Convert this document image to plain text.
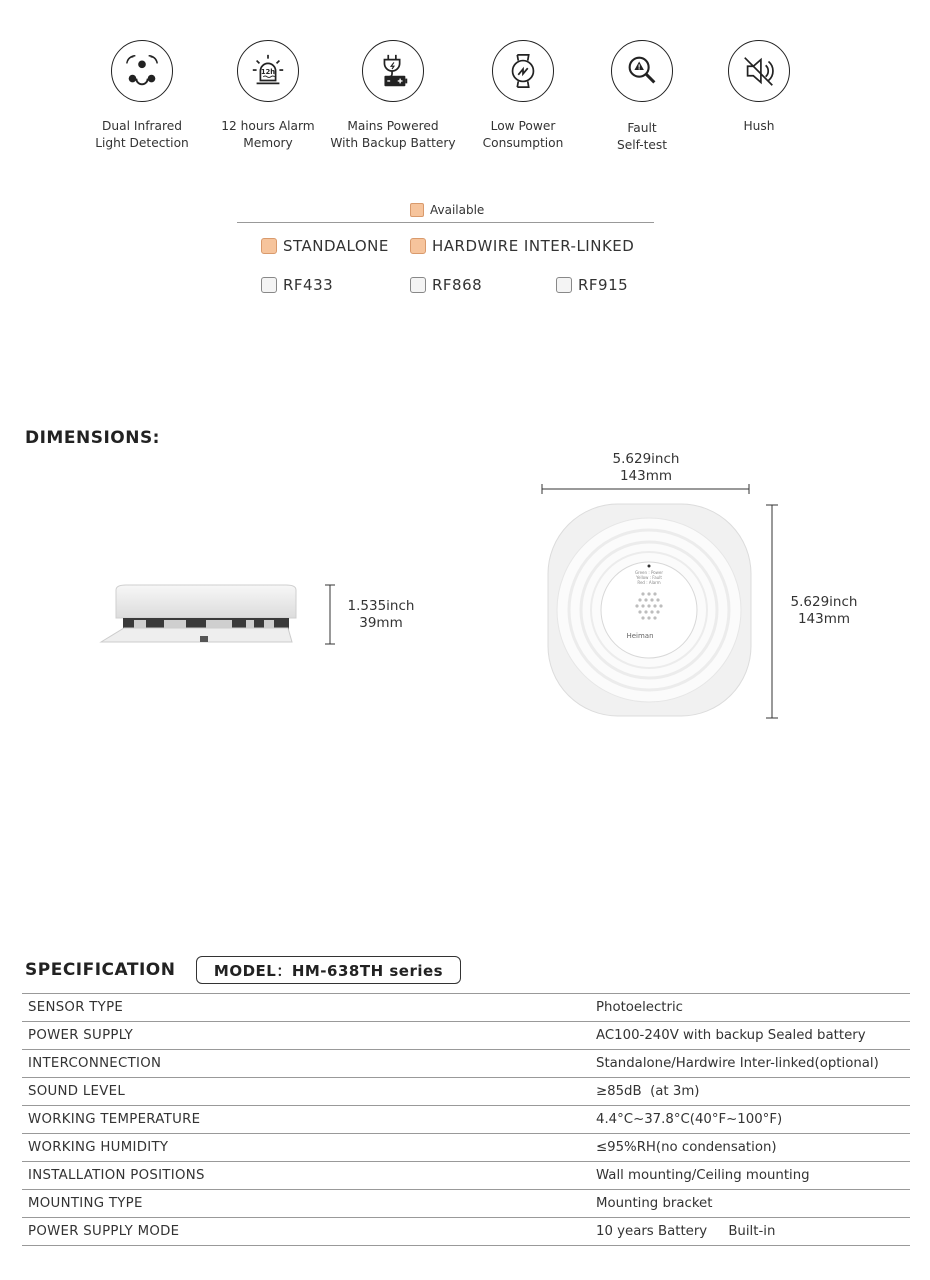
Dual Infrared
Light Detection
12h
12 hours Alarm
Memory
Mains Powered
With Backup Battery
Low Power
Consumption
Fault
Self-test
Hush
Available
STANDALONE	HARDWIRE INTER-LINKED
RF433	RF868	RF915
DIMENSIONS:
1.535inch
39mm
5.629inch
143mm
Green : Power
Yellow : Fault
Red : Alarm
Heiman
5.629inch
143mm
SPECIFICATION	MODEL：HM-638TH series
SENSOR TYPE	Photoelectric
POWER SUPPLY	AC100-240V with backup Sealed battery
INTERCONNECTION	Standalone/Hardwire Inter-linked(optional)
SOUND LEVEL	≥85dB  (at 3m)
WORKING TEMPERATURE	4.4°C~37.8°C(40°F~100°F)
WORKING HUMIDITY	≤95%RH(no condensation)
INSTALLATION POSITIONS	Wall mounting/Ceiling mounting
MOUNTING TYPE	Mounting bracket
POWER SUPPLY MODE	10 years Battery     Built-in
